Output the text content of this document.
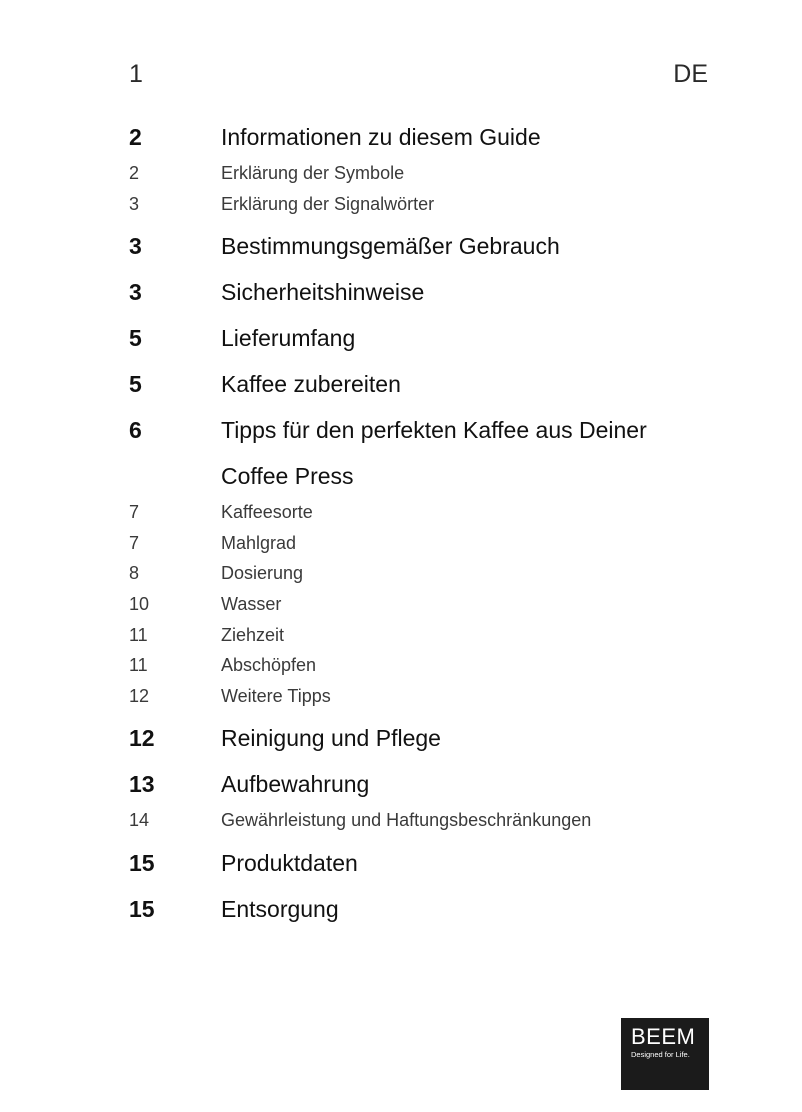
1	DE
2	Informationen zu diesem Guide
2	Erklärung der Symbole
3	Erklärung der Signalwörter
3	Bestimmungsgemäßer Gebrauch
3	Sicherheitshinweise
5	Lieferumfang
5	Kaffee zubereiten
6	Tipps für den perfekten Kaffee aus Deiner
Coffee Press
7	Kaffeesorte
7	Mahlgrad
8	Dosierung
10	Wasser
11	Ziehzeit
11	Abschöpfen
12	Weitere Tipps
12	Reinigung und Pflege
13	Aufbewahrung
14	Gewährleistung und Haftungsbeschränkungen
15	Produktdaten
15	Entsorgung
BEEM
Designed for Life.
